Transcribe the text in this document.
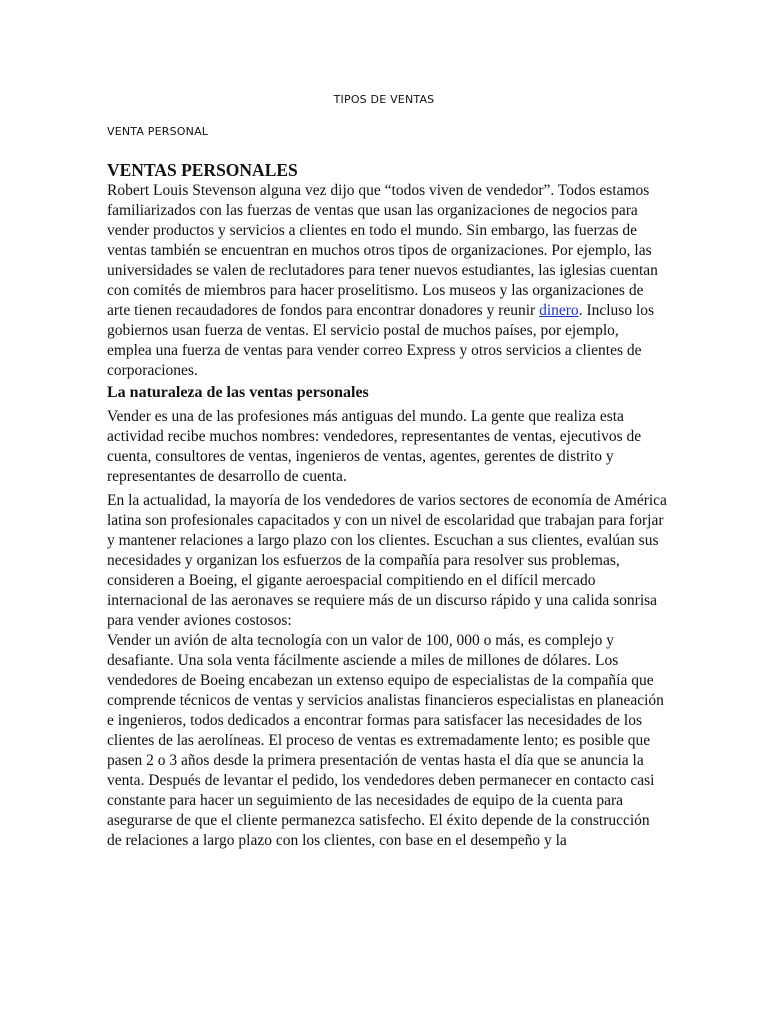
TIPOS DE VENTAS

VENTA PERSONAL

VENTAS PERSONALES

Robert Louis Stevenson alguna vez dijo que “todos viven de vendedor”. Todos estamos familiarizados con las fuerzas de ventas que usan las organizaciones de negocios para vender productos y servicios a clientes en todo el mundo. Sin embargo, las fuerzas de ventas también se encuentran en muchos otros tipos de organizaciones. Por ejemplo, las universidades se valen de reclutadores para tener nuevos estudiantes, las iglesias cuentan con comités de miembros para hacer proselitismo. Los museos y las organizaciones de arte tienen recaudadores de fondos para encontrar donadores y reunir dinero. Incluso los gobiernos usan fuerza de ventas. El servicio postal de muchos países, por ejemplo, emplea una fuerza de ventas para vender correo Express y otros servicios a clientes de corporaciones.

La naturaleza de las ventas personales

Vender es una de las profesiones más antiguas del mundo. La gente que realiza esta actividad recibe muchos nombres: vendedores, representantes de ventas, ejecutivos de cuenta, consultores de ventas, ingenieros de ventas, agentes, gerentes de distrito y representantes de desarrollo de cuenta.

En la actualidad, la mayoría de los vendedores de varios sectores de economía de América latina son profesionales capacitados y con un nivel de escolaridad que trabajan para forjar y mantener relaciones a largo plazo con los clientes. Escuchan a sus clientes, evalúan sus necesidades y organizan los esfuerzos de la compañía para resolver sus problemas, consideren a Boeing, el gigante aeroespacial compitiendo en el difícil mercado internacional de las aeronaves se requiere más de un discurso rápido y una calida sonrisa para vender aviones costosos:

Vender un avión de alta tecnología con un valor de 100, 000 o más, es complejo y desafiante. Una sola venta fácilmente asciende a miles de millones de dólares. Los vendedores de Boeing encabezan un extenso equipo de especialistas de la compañía que comprende técnicos de ventas y servicios analistas financieros especialistas en planeación e ingenieros, todos dedicados a encontrar formas para satisfacer las necesidades de los clientes de las aerolíneas. El proceso de ventas es extremadamente lento; es posible que pasen 2 o 3 años desde la primera presentación de ventas hasta el día que se anuncia la venta. Después de levantar el pedido, los vendedores deben permanecer en contacto casi constante para hacer un seguimiento de las necesidades de equipo de la cuenta para asegurarse de que el cliente permanezca satisfecho. El éxito depende de la construcción de relaciones a largo plazo con los clientes, con base en el desempeño y la
